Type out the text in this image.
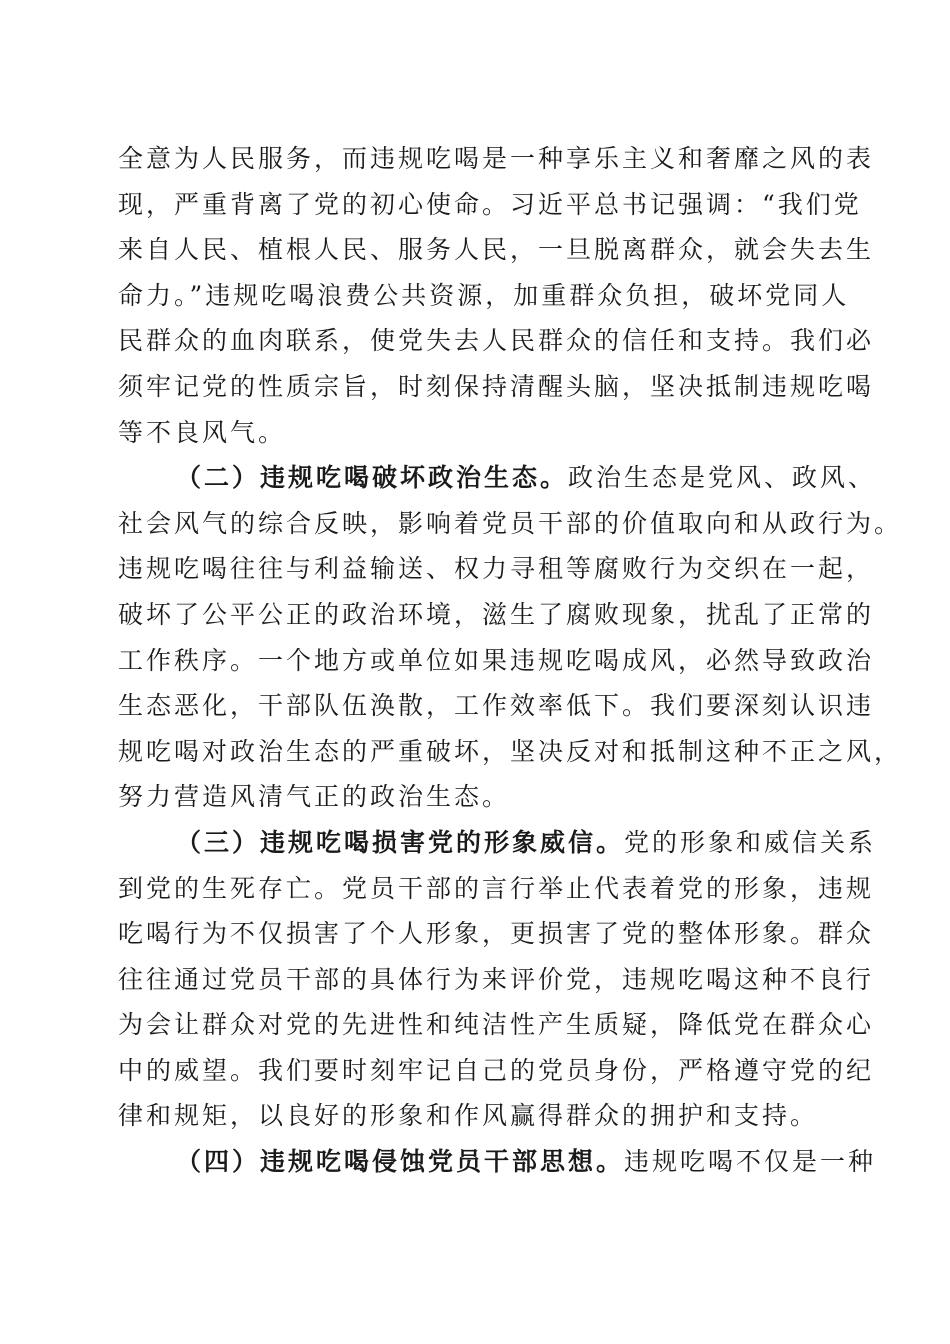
全意为人民服务，而违规吃喝是一种享乐主义和奢靡之风的表
现，严重背离了党的初心使命。习近平总书记强调：“我们党
来自人民、植根人民、服务人民，一旦脱离群众，就会失去生
命力。”违规吃喝浪费公共资源，加重群众负担，破坏党同人
民群众的血肉联系，使党失去人民群众的信任和支持。我们必
须牢记党的性质宗旨，时刻保持清醒头脑，坚决抵制违规吃喝
等不良风气。
（二）违规吃喝破坏政治生态。政治生态是党风、政风、
社会风气的综合反映，影响着党员干部的价值取向和从政行为。
违规吃喝往往与利益输送、权力寻租等腐败行为交织在一起，
破坏了公平公正的政治环境，滋生了腐败现象，扰乱了正常的
工作秩序。一个地方或单位如果违规吃喝成风，必然导致政治
生态恶化，干部队伍涣散，工作效率低下。我们要深刻认识违
规吃喝对政治生态的严重破坏，坚决反对和抵制这种不正之风，
努力营造风清气正的政治生态。
（三）违规吃喝损害党的形象威信。党的形象和威信关系
到党的生死存亡。党员干部的言行举止代表着党的形象，违规
吃喝行为不仅损害了个人形象，更损害了党的整体形象。群众
往往通过党员干部的具体行为来评价党，违规吃喝这种不良行
为会让群众对党的先进性和纯洁性产生质疑，降低党在群众心
中的威望。我们要时刻牢记自己的党员身份，严格遵守党的纪
律和规矩，以良好的形象和作风赢得群众的拥护和支持。
（四）违规吃喝侵蚀党员干部思想。违规吃喝不仅是一种
